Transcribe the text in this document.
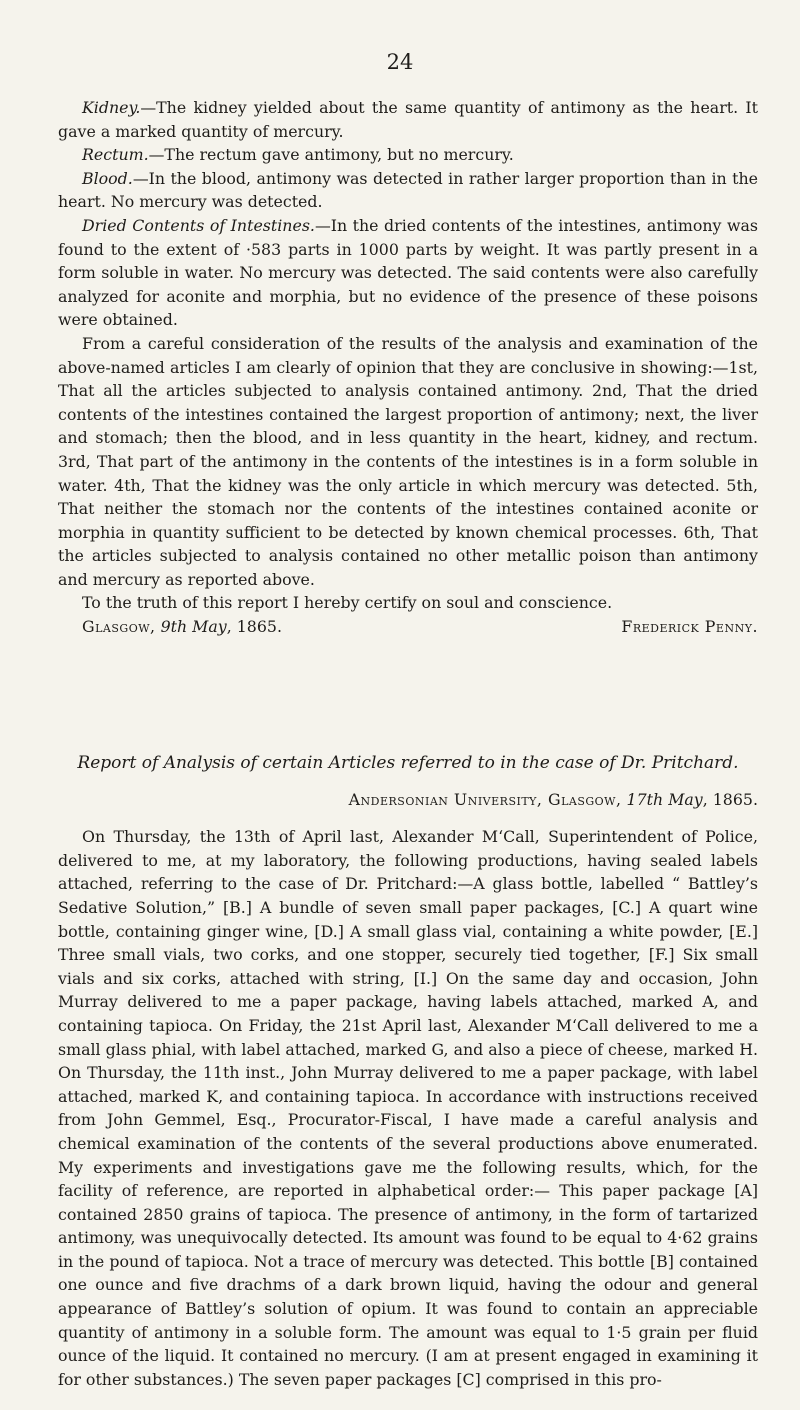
24

Kidney.—The kidney yielded about the same quantity of antimony as the heart. It gave a marked quantity of mercury.

Rectum.—The rectum gave antimony, but no mercury.

Blood.—In the blood, antimony was detected in rather larger proportion than in the heart. No mercury was detected.

Dried Contents of Intestines.—In the dried contents of the intestines, antimony was found to the extent of ·583 parts in 1000 parts by weight. It was partly present in a form soluble in water. No mercury was detected. The said contents were also carefully analyzed for aconite and morphia, but no evidence of the presence of these poisons were obtained.

From a careful consideration of the results of the analysis and examination of the above-named articles I am clearly of opinion that they are conclusive in showing:—1st, That all the articles subjected to analysis contained antimony. 2nd, That the dried contents of the intestines contained the largest proportion of antimony; next, the liver and stomach; then the blood, and in less quantity in the heart, kidney, and rectum. 3rd, That part of the antimony in the contents of the intestines is in a form soluble in water. 4th, That the kidney was the only article in which mercury was detected. 5th, That neither the stomach nor the contents of the intestines contained aconite or morphia in quantity sufficient to be detected by known chemical processes. 6th, That the articles subjected to analysis contained no other metallic poison than antimony and mercury as reported above.

To the truth of this report I hereby certify on soul and conscience.

Glasgow, 9th May, 1865.	Frederick Penny.
Report of Analysis of certain Articles referred to in the case of Dr. Pritchard.
Andersonian University, Glasgow, 17th May, 1865.

On Thursday, the 13th of April last, Alexander M‘Call, Superintendent of Police, delivered to me, at my laboratory, the following productions, having sealed labels attached, referring to the case of Dr. Pritchard:—A glass bottle, labelled “ Battley’s Sedative Solution,” [B.] A bundle of seven small paper packages, [C.] A quart wine bottle, containing ginger wine, [D.] A small glass vial, containing a white powder, [E.] Three small vials, two corks, and one stopper, securely tied together, [F.] Six small vials and six corks, attached with string, [I.] On the same day and occasion, John Murray delivered to me a paper package, having labels attached, marked A, and containing tapioca. On Friday, the 21st April last, Alexander M‘Call delivered to me a small glass phial, with label attached, marked G, and also a piece of cheese, marked H. On Thursday, the 11th inst., John Murray delivered to me a paper package, with label attached, marked K, and containing tapioca. In accordance with instructions received from John Gemmel, Esq., Procurator-Fiscal, I have made a careful analysis and chemical examination of the contents of the several productions above enumerated. My experiments and investigations gave me the following results, which, for the facility of reference, are reported in alphabetical order:— This paper package [A] contained 2850 grains of tapioca. The presence of antimony, in the form of tartarized antimony, was unequivocally detected. Its amount was found to be equal to 4·62 grains in the pound of tapioca. Not a trace of mercury was detected. This bottle [B] contained one ounce and five drachms of a dark brown liquid, having the odour and general appearance of Battley’s solution of opium. It was found to contain an appreciable quantity of antimony in a soluble form. The amount was equal to 1·5 grain per fluid ounce of the liquid. It contained no mercury. (I am at present engaged in examining it for other substances.) The seven paper packages [C] comprised in this pro-
